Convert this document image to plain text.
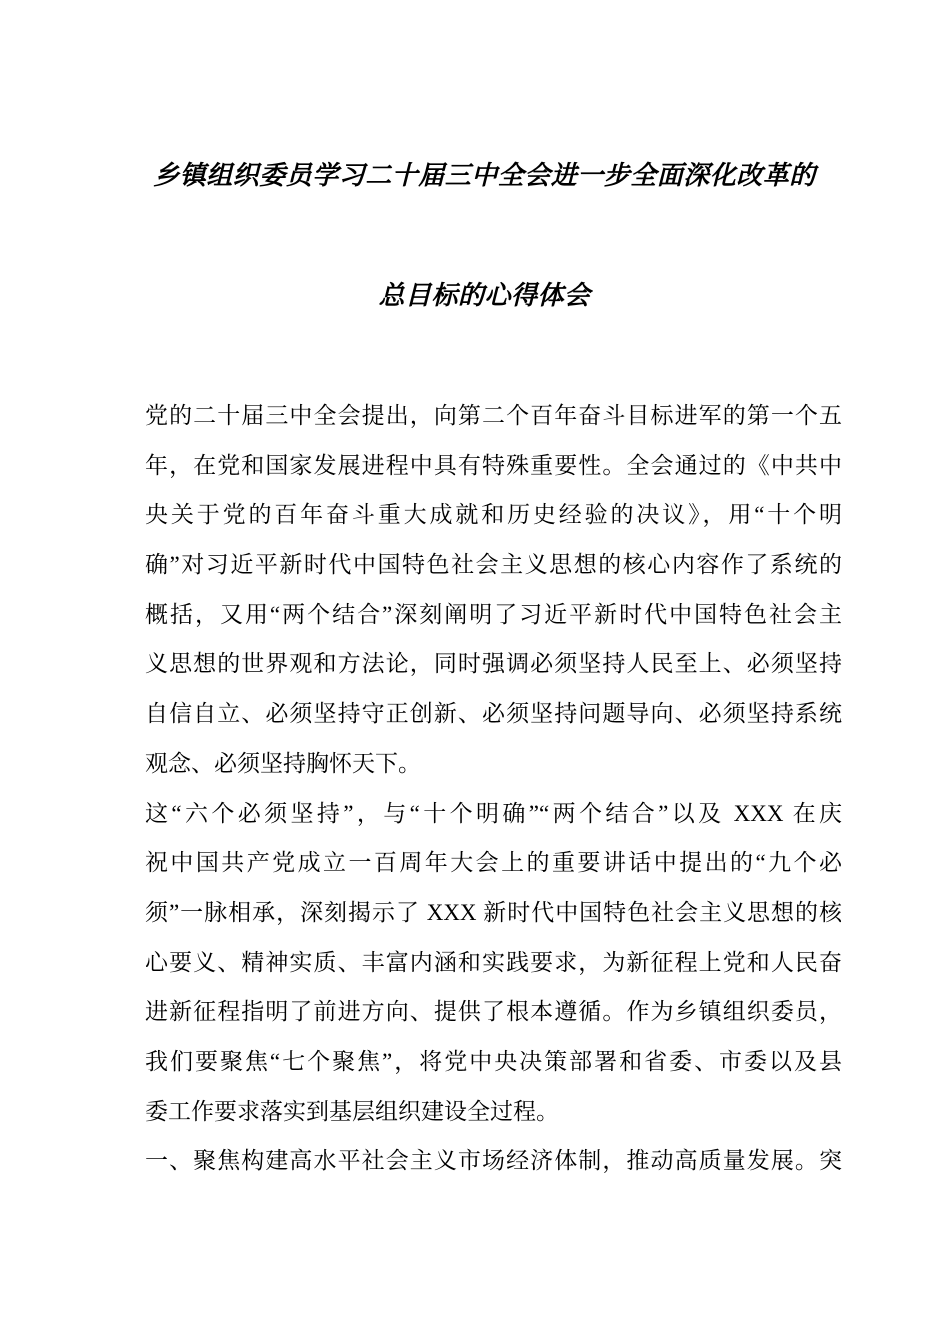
乡镇组织委员学习二十届三中全会进一步全面深化改革的
总目标的心得体会
党的二十届三中全会提出，向第二个百年奋斗目标进军的第一个五
年，在党和国家发展进程中具有特殊重要性。全会通过的《中共中
央关于党的百年奋斗重大成就和历史经验的决议》，用“十个明
确”对习近平新时代中国特色社会主义思想的核心内容作了系统的
概括，又用“两个结合”深刻阐明了习近平新时代中国特色社会主
义思想的世界观和方法论，同时强调必须坚持人民至上、必须坚持
自信自立、必须坚持守正创新、必须坚持问题导向、必须坚持系统
观念、必须坚持胸怀天下。
这“六个必须坚持”，与“十个明确”“两个结合”以及 XXX 在庆
祝中国共产党成立一百周年大会上的重要讲话中提出的“九个必
须”一脉相承，深刻揭示了 XXX 新时代中国特色社会主义思想的核
心要义、精神实质、丰富内涵和实践要求，为新征程上党和人民奋
进新征程指明了前进方向、提供了根本遵循。作为乡镇组织委员，
我们要聚焦“七个聚焦”，将党中央决策部署和省委、市委以及县
委工作要求落实到基层组织建设全过程。
一、聚焦构建高水平社会主义市场经济体制，推动高质量发展。突
